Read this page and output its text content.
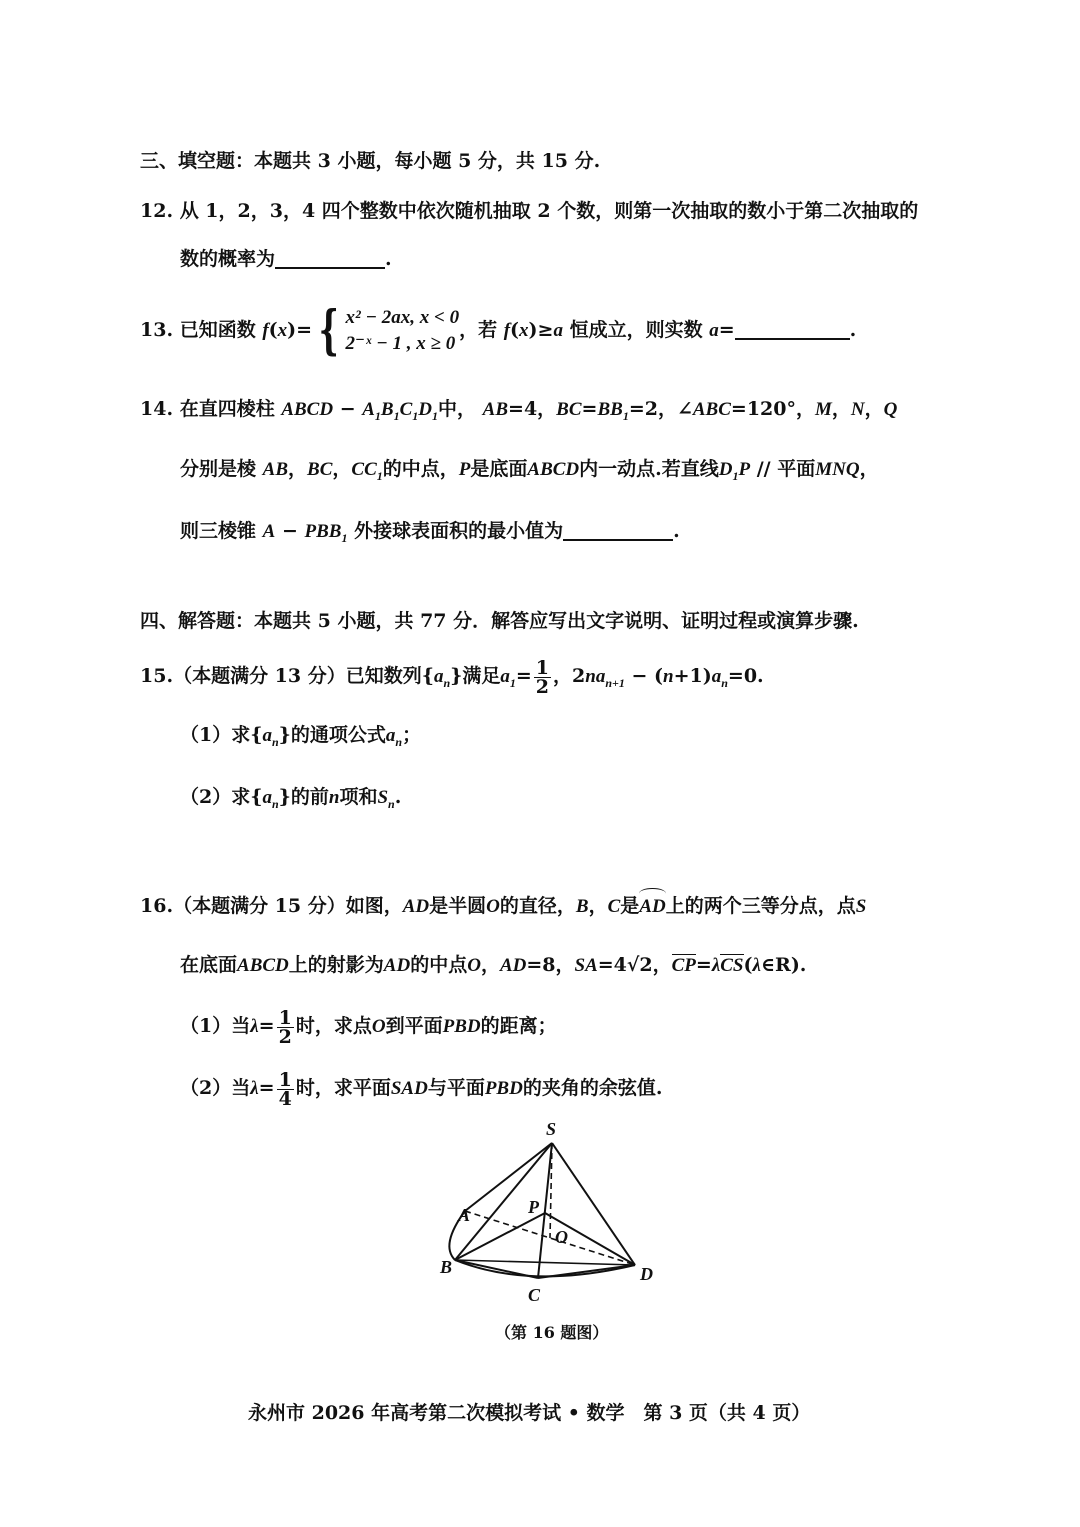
三、填空题：本题共 3 小题，每小题 5 分，共 15 分.
12. 从 1，2，3，4 四个整数中依次随机抽取 2 个数，则第一次抽取的数小于第二次抽取的
数的概率为	.
13. 已知函数 f(x)= { x² − 2ax, x < 0
2⁻ˣ − 1 , x ≥ 0
，若 f(x)≥a 恒成立，则实数 a=	.
14. 在直四棱柱 ABCD − $A_1B_1C_1D_1$中， AB=4，$BC=BB_1=2$，∠ABC=120°，M，N，Q
分别是棱 AB，BC，$CC_1$的中点，P是底面ABCD内一动点.若直线$D_1P$ // 平面MNQ，
则三棱锥 $A - PBB_1$ 外接球表面积的最小值为	.
四、解答题：本题共 5 小题，共 77 分．解答应写出文字说明、证明过程或演算步骤.
15.（本题满分 13 分）已知数列$\{a_n\}$满足$a_1= \frac{1}{2}$ ，$2na_{n+1} - (n+1)a_n=0$.
（1）求$\{a_n\}$的通项公式$a_n$；
（2）求$\{a_n\}$的前n项和$S_n$.
16.（本题满分 15 分）如图，AD是半圆O的直径，B，C是AD上的两个三等分点，点S
在底面ABCD上的射影为AD的中点O，AD=8，SA=4√2，CP=λCS(λ∈R).
（1）当$\lambda= \frac{1}{2}$ 时，求点O到平面PBD的距离；
（2）当$\lambda= \frac{1}{4}$ 时，求平面SAD与平面PBD的夹角的余弦值.
S
A
B
C
D
P
O
（第 16 题图）
永州市 2026 年高考第二次模拟考试 • 数学　第 3 页（共 4 页）
